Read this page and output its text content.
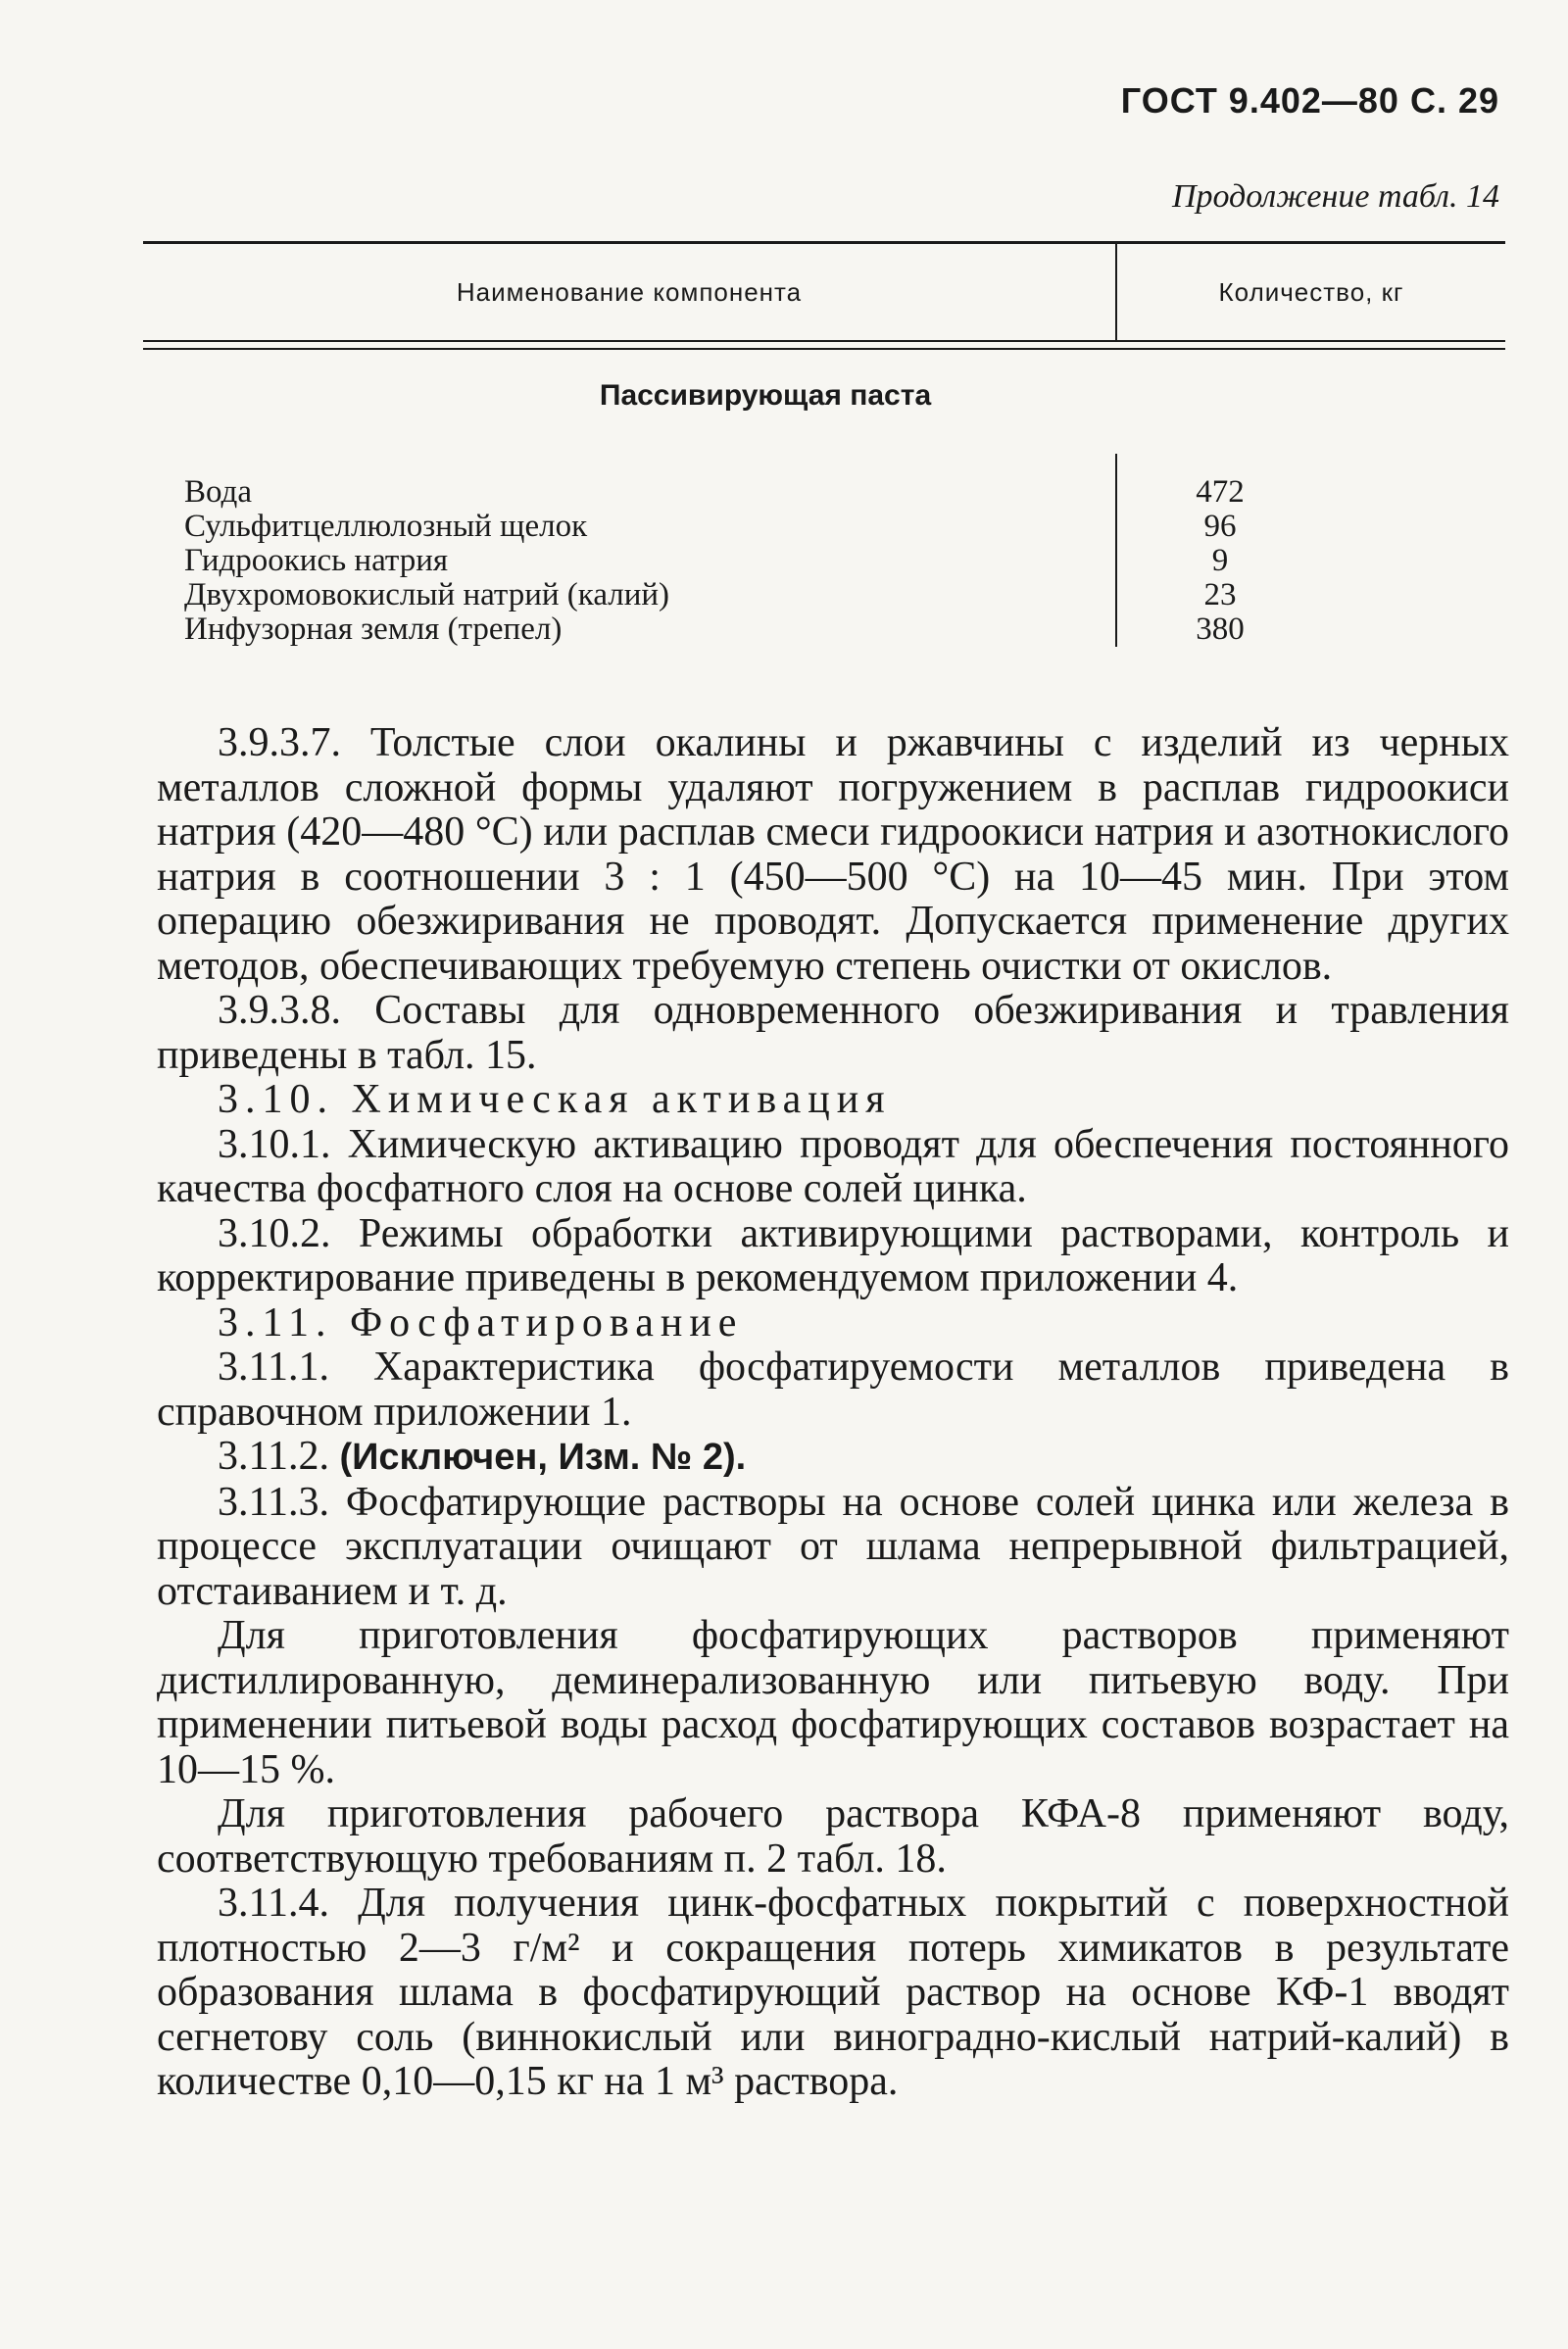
ГОСТ 9.402—80 С. 29
Продолжение табл. 14
Наименование компонента	Количество, кг
Пассивирующая паста
Вода
Сульфитцеллюлозный щелок
Гидроокись натрия
Двухромовокислый натрий (калий)
Инфузорная земля (трепел)
472
96
9
23
380

3.9.3.7. Толстые слои окалины и ржавчины с изделий из черных металлов сложной формы удаляют погружением в расплав гидроокиси натрия (420—480 °С) или расплав смеси гидроокиси натрия и азотнокислого натрия в соотношении 3 : 1 (450—500 °С) на 10—45 мин. При этом операцию обезжиривания не проводят. Допускается применение других методов, обеспечивающих требуемую степень очистки от окислов.

3.9.3.8. Составы для одновременного обезжиривания и травления приведены в табл. 15.

3.10. Химическая активация

3.10.1. Химическую активацию проводят для обеспечения постоянного качества фосфатного слоя на основе солей цинка.

3.10.2. Режимы обработки активирующими растворами, контроль и корректирование приведены в рекомендуемом приложении 4.

3.11. Фосфатирование

3.11.1. Характеристика фосфатируемости металлов приведена в справочном приложении 1.

3.11.2. (Исключен, Изм. № 2).

3.11.3. Фосфатирующие растворы на основе солей цинка или железа в процессе эксплуатации очищают от шлама непрерывной фильтрацией, отстаиванием и т. д.

Для приготовления фосфатирующих растворов применяют дистиллированную, деминерализованную или питьевую воду. При применении питьевой воды расход фосфатирующих составов возрастает на 10—15 %.

Для приготовления рабочего раствора КФА-8 применяют воду, соответствующую требованиям п. 2 табл. 18.

3.11.4. Для получения цинк-фосфатных покрытий с поверхностной плотностью 2—3 г/м² и сокращения потерь химикатов в результате образования шлама в фосфатирующий раствор на основе КФ-1 вводят сегнетову соль (виннокислый или виноградно-кислый натрий-калий) в количестве 0,10—0,15 кг на 1 м³ раствора.
